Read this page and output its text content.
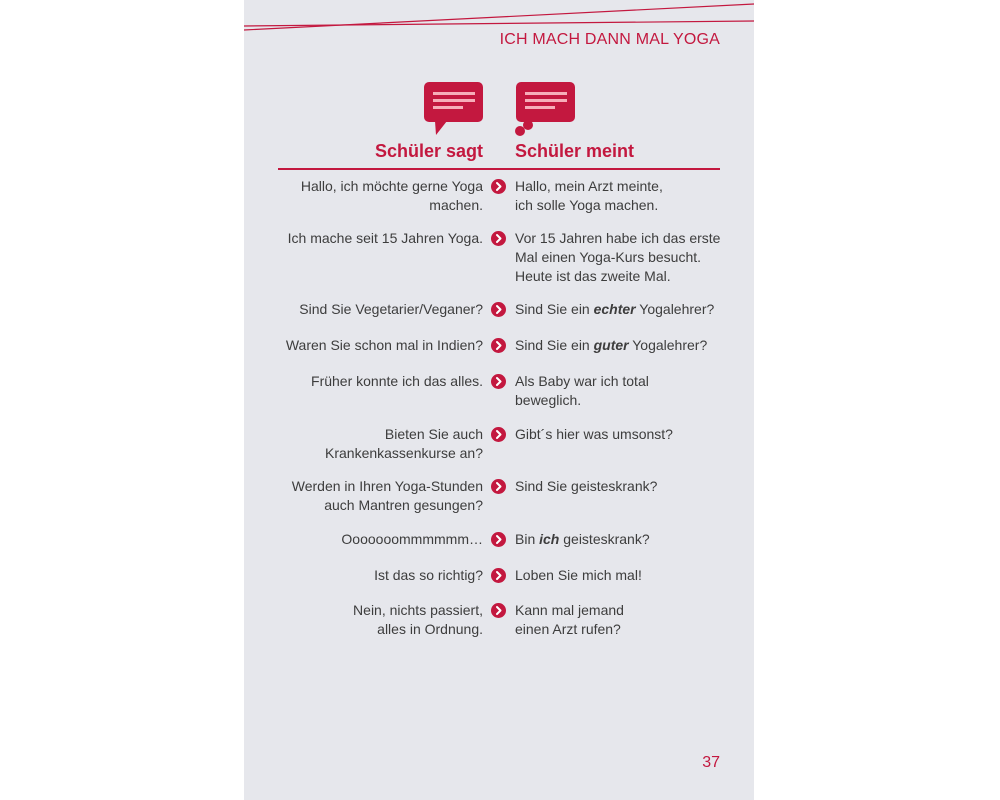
ICH MACH DANN MAL YOGA
Schüler sagt Schüler meint
Hallo, ich möchte gerne Yoga
machen.
Hallo, mein Arzt meinte,
ich solle Yoga machen.
Ich mache seit 15 Jahren Yoga. Vor 15 Jahren habe ich das erste
Mal einen Yoga-Kurs besucht.
Heute ist das zweite Mal.
Sind Sie Vegetarier/Veganer? Sind Sie ein echter Yogalehrer?
Waren Sie schon mal in Indien? Sind Sie ein guter Yogalehrer?
Früher konnte ich das alles. Als Baby war ich total
beweglich.
Bieten Sie auch
Krankenkassenkurse an?
Gibt´s hier was umsonst?
Werden in Ihren Yoga-Stunden
auch Mantren gesungen?
Sind Sie geisteskrank?
Ooooooommmmmm… Bin ich geisteskrank?
Ist das so richtig? Loben Sie mich mal!
Nein, nichts passiert,
alles in Ordnung.
Kann mal jemand
einen Arzt rufen?
37
